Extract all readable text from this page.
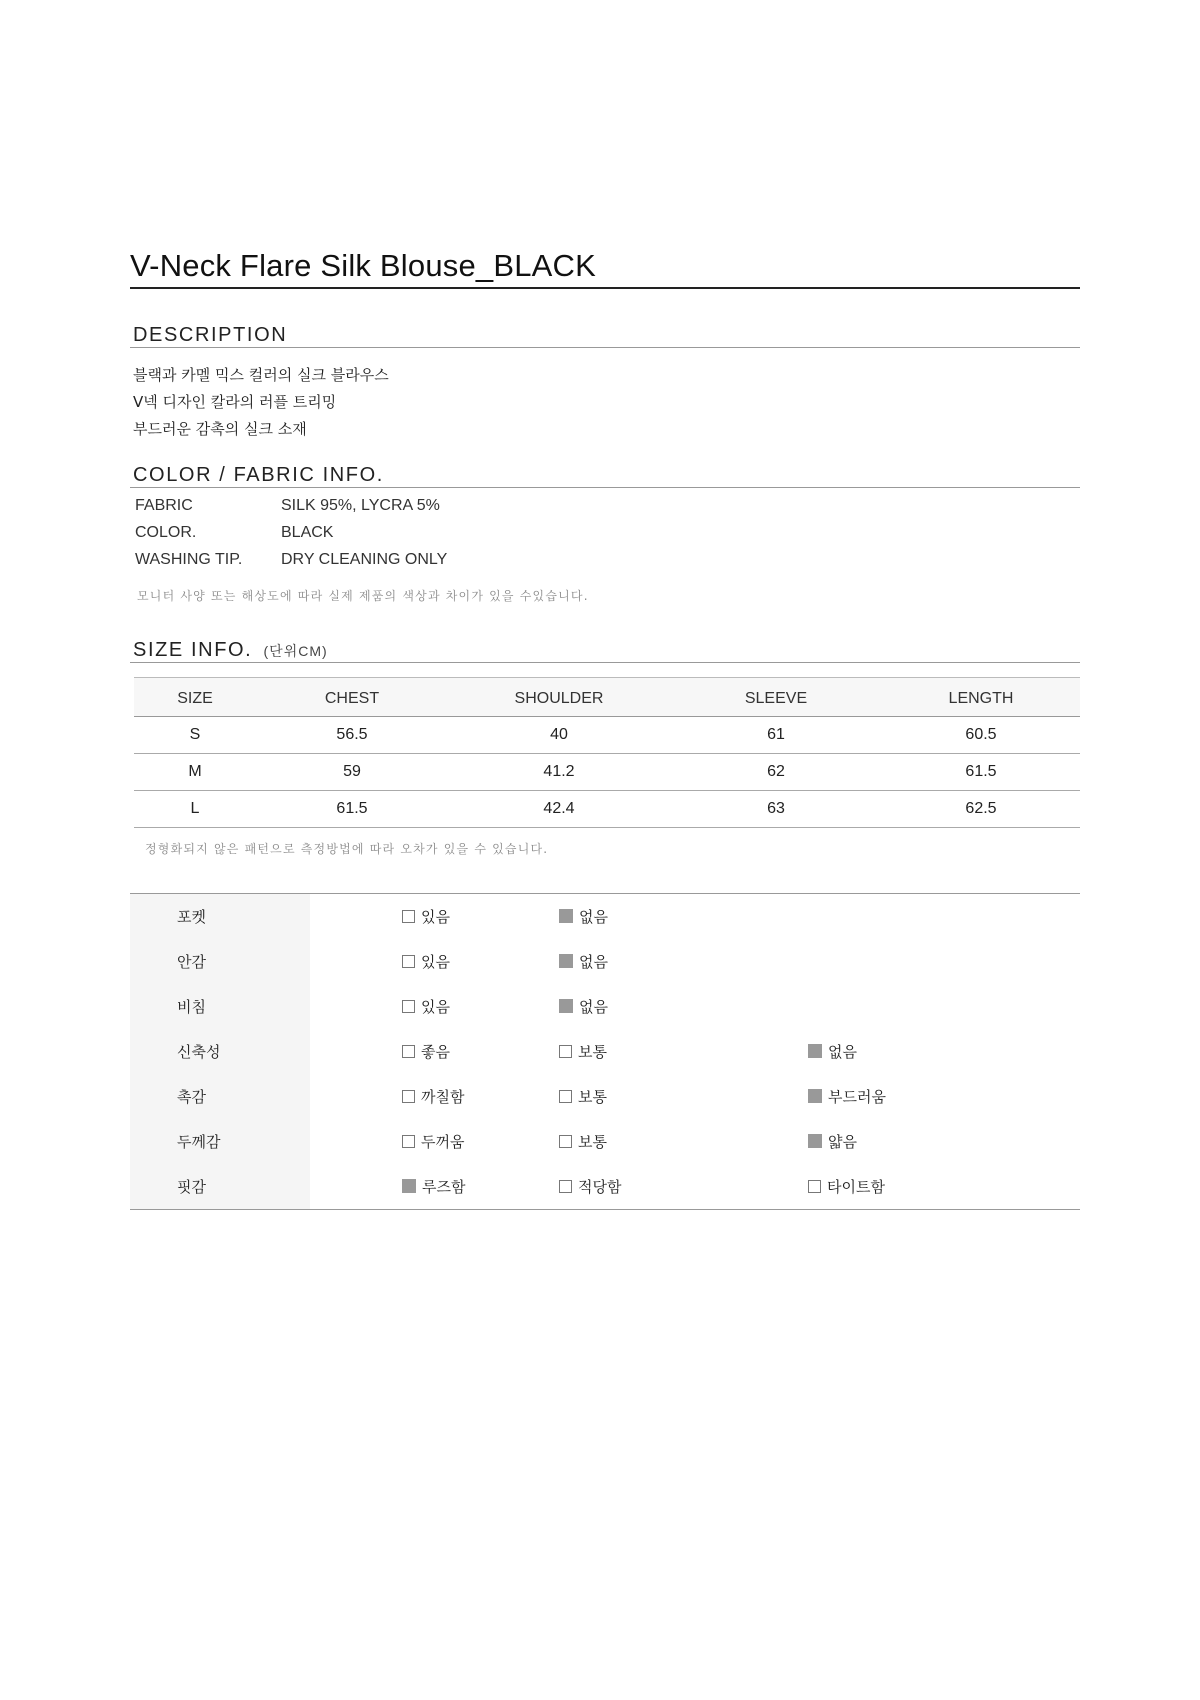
V-Neck Flare Silk Blouse_BLACK
DESCRIPTION
블랙과 카멜 믹스 컬러의 실크 블라우스
V넥 디자인 칼라의 러플 트리밍
부드러운 감촉의 실크 소재
COLOR / FABRIC INFO.
FABRIC	SILK 95%, LYCRA 5%
COLOR.	BLACK
WASHING TIP.	DRY CLEANING ONLY
모니터 사양 또는 해상도에 따라 실제 제품의 색상과 차이가 있을 수있습니다.
SIZE INFO. (단위CM)
SIZE	CHEST	SHOULDER	SLEEVE	LENGTH
S	56.5	40	61	60.5
M	59	41.2	62	61.5
L	61.5	42.4	63	62.5
정형화되지 않은 패턴으로 측정방법에 따라 오차가 있을 수 있습니다.
포켓	있음	없음	
안감	있음	없음	
비침	있음	없음	
신축성	좋음	보통	없음
촉감	까칠함	보통	부드러움
두께감	두꺼움	보통	얇음
핏감	루즈함	적당함	타이트함
